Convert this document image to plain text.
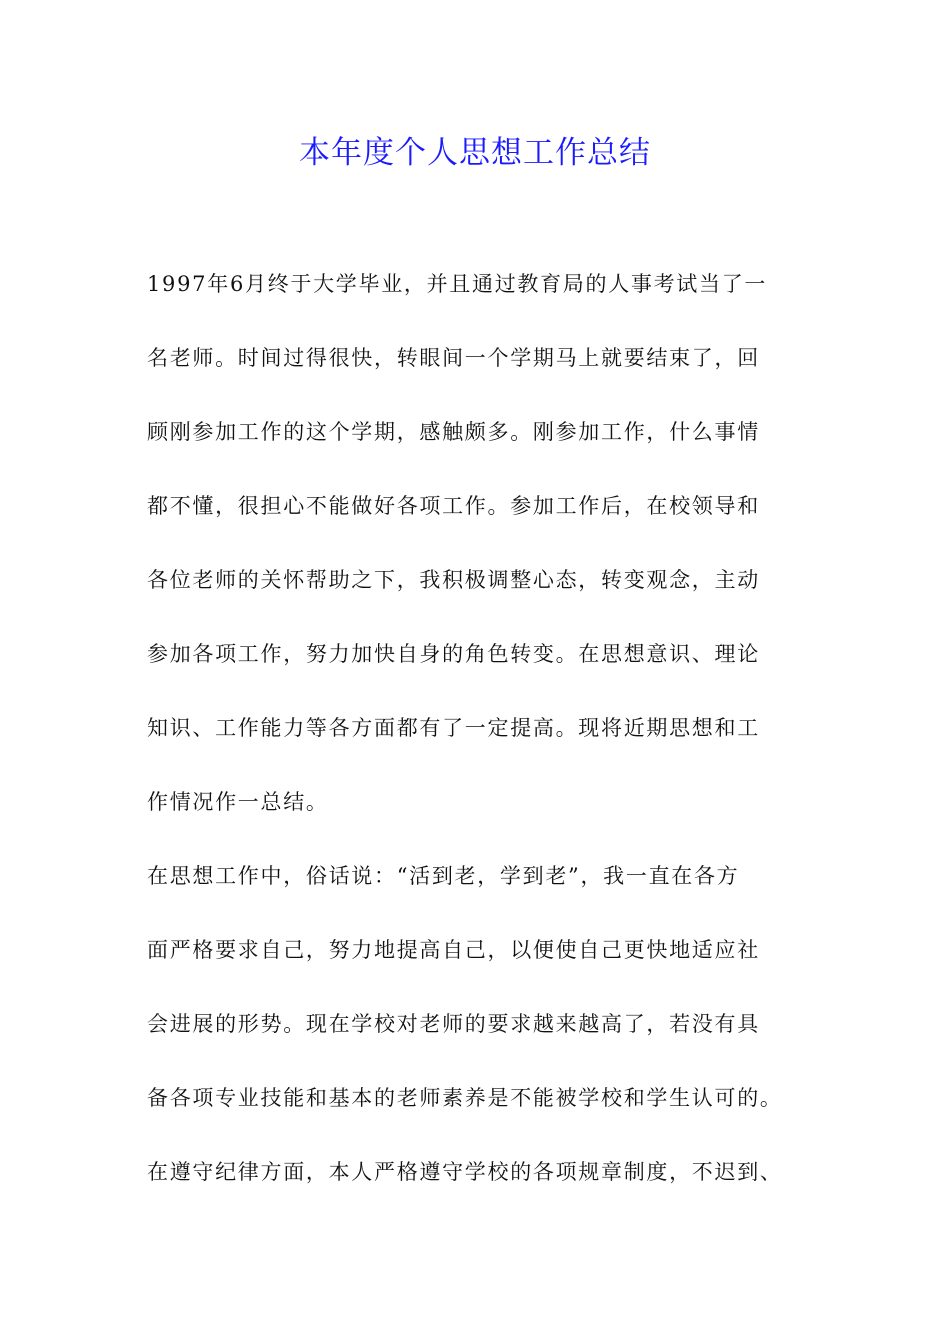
本年度个人思想工作总结
1997年6月终于大学毕业，并且通过教育局的人事考试当了一
名老师。时间过得很快，转眼间一个学期马上就要结束了，回
顾刚参加工作的这个学期，感触颇多。刚参加工作，什么事情
都不懂，很担心不能做好各项工作。参加工作后，在校领导和
各位老师的关怀帮助之下，我积极调整心态，转变观念，主动
参加各项工作，努力加快自身的角色转变。在思想意识、理论
知识、工作能力等各方面都有了一定提高。现将近期思想和工
作情况作一总结。
在思想工作中，俗话说：“活到老，学到老”，我一直在各方
面严格要求自己，努力地提高自己，以便使自己更快地适应社
会进展的形势。现在学校对老师的要求越来越高了，若没有具
备各项专业技能和基本的老师素养是不能被学校和学生认可的。
在遵守纪律方面，本人严格遵守学校的各项规章制度，不迟到、
